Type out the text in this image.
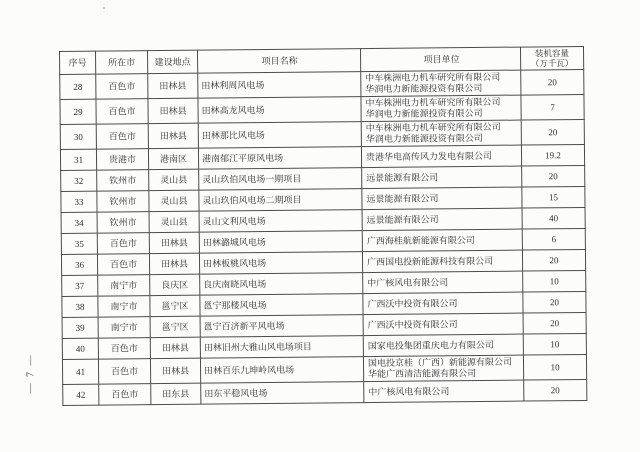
— 7 —
序号	所在市	建设地点	项目名称	项目单位	装机容量
（万千瓦）
28	百色市	田林县	田林利周风电场	中车株洲电力机车研究所有限公司
华润电力新能源投资有限公司	20
29	百色市	田林县	田林高龙风电场	中车株洲电力机车研究所有限公司
华润电力新能源投资有限公司	7
30	百色市	田林县	田林那比风电场	中车株洲电力机车研究所有限公司
华润电力新能源投资有限公司	20
31	贵港市	港南区	港南郁江平原风电场	贵港华电高传风力发电有限公司	19.2
32	钦州市	灵山县	灵山玖伯风电场一期项目	远景能源有限公司	20
33	钦州市	灵山县	灵山玖伯风电场二期项目	远景能源有限公司	15
34	钦州市	灵山县	灵山文利风电场	远景能源有限公司	40
35	百色市	田林县	田林潞城风电场	广西海桂航新能源有限公司	6
36	百色市	田林县	田林板桃风电场	广西国电投新能源科技有限公司	20
37	南宁市	良庆区	良庆南晓风电场	中广核风电有限公司	10
38	南宁市	邕宁区	邕宁那楼风电场	广西沃中投资有限公司	20
39	南宁市	邕宁区	邕宁百济新平风电场	广西沃中投资有限公司	20
40	百色市	田林县	田林旧州大雅山风电场项目	国家电投集团重庆电力有限公司	10
41	百色市	田林县	田林百乐九坤岭风电场	国电投京桂（广西）新能源有限公司
华能广西清洁能源有限公司	10
42	百色市	田东县	田东平稳风电场	中广核风电有限公司	20
